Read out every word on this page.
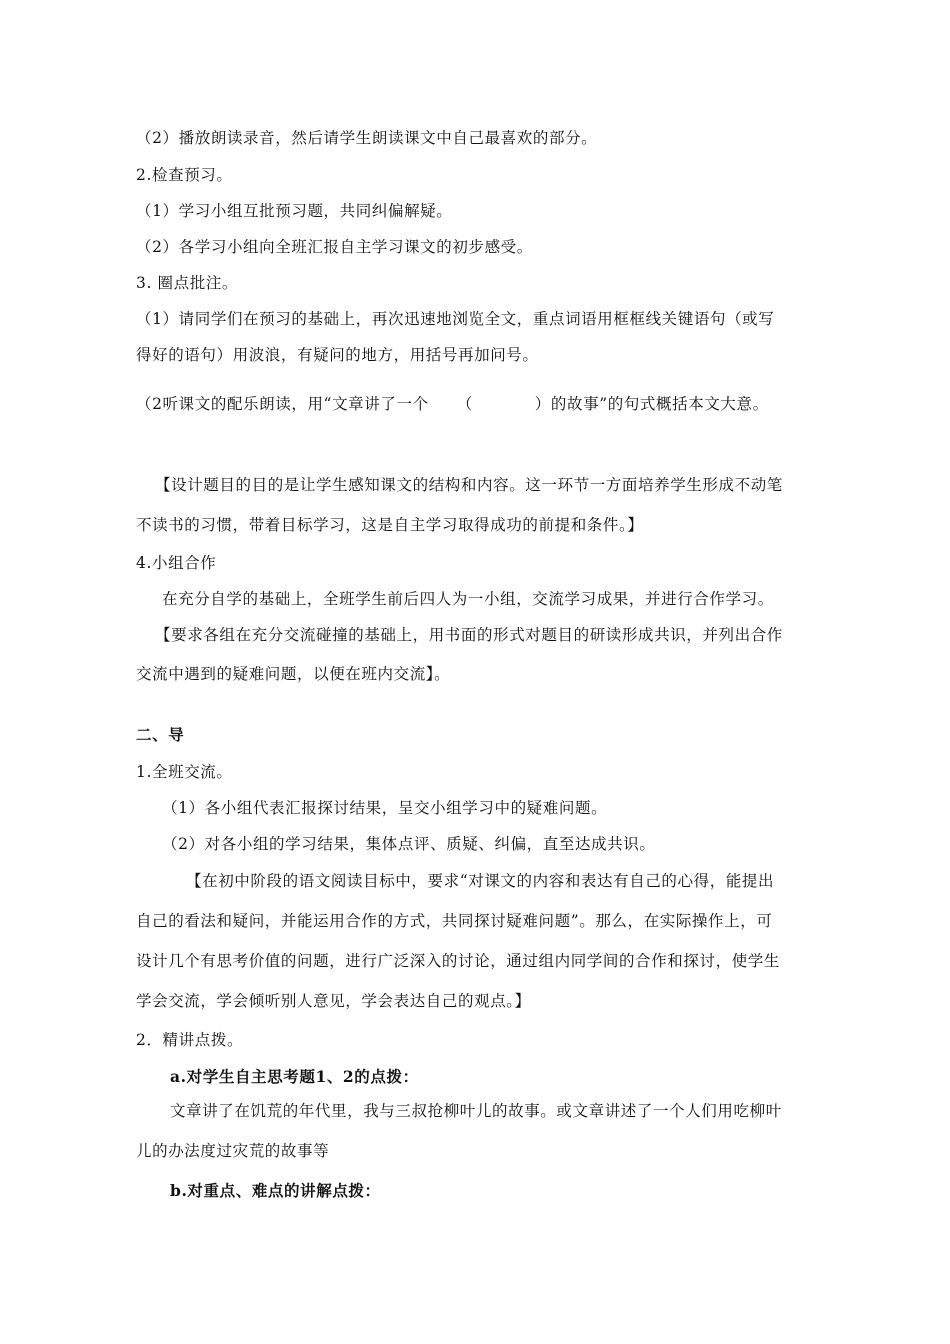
（2）播放朗读录音，然后请学生朗读课文中自己最喜欢的部分。
2.检查预习。
（1）学习小组互批预习题，共同纠偏解疑。
（2）各学习小组向全班汇报自主学习课文的初步感受。
3. 圈点批注。
（1）请同学们在预习的基础上，再次迅速地浏览全文，重点词语用框框线关键语句（或写
得好的语句）用波浪，有疑问的地方，用括号再加问号。
（2听课文的配乐朗读，用“文章讲了一个 （	）的故事”的句式概括本文大意。
【设计题目的目的是让学生感知课文的结构和内容。这一环节一方面培养学生形成不动笔
不读书的习惯，带着目标学习，这是自主学习取得成功的前提和条件。】
4.小组合作
在充分自学的基础上，全班学生前后四人为一小组，交流学习成果，并进行合作学习。
【要求各组在充分交流碰撞的基础上，用书面的形式对题目的研读形成共识，并列出合作
交流中遇到的疑难问题，以便在班内交流】。
二、导
1.全班交流。
（1）各小组代表汇报探讨结果，呈交小组学习中的疑难问题。
（2）对各小组的学习结果，集体点评、质疑、纠偏，直至达成共识。
【在初中阶段的语文阅读目标中，要求“对课文的内容和表达有自己的心得，能提出
自己的看法和疑问，并能运用合作的方式，共同探讨疑难问题”。那么，在实际操作上，可
设计几个有思考价值的问题，进行广泛深入的讨论，通过组内同学间的合作和探讨，使学生
学会交流，学会倾听别人意见，学会表达自己的观点。】
2．精讲点拨。
a.对学生自主思考题1、2的点拨：
文章讲了在饥荒的年代里，我与三叔抢柳叶儿的故事。或文章讲述了一个人们用吃柳叶
儿的办法度过灾荒的故事等
b.对重点、难点的讲解点拨：
